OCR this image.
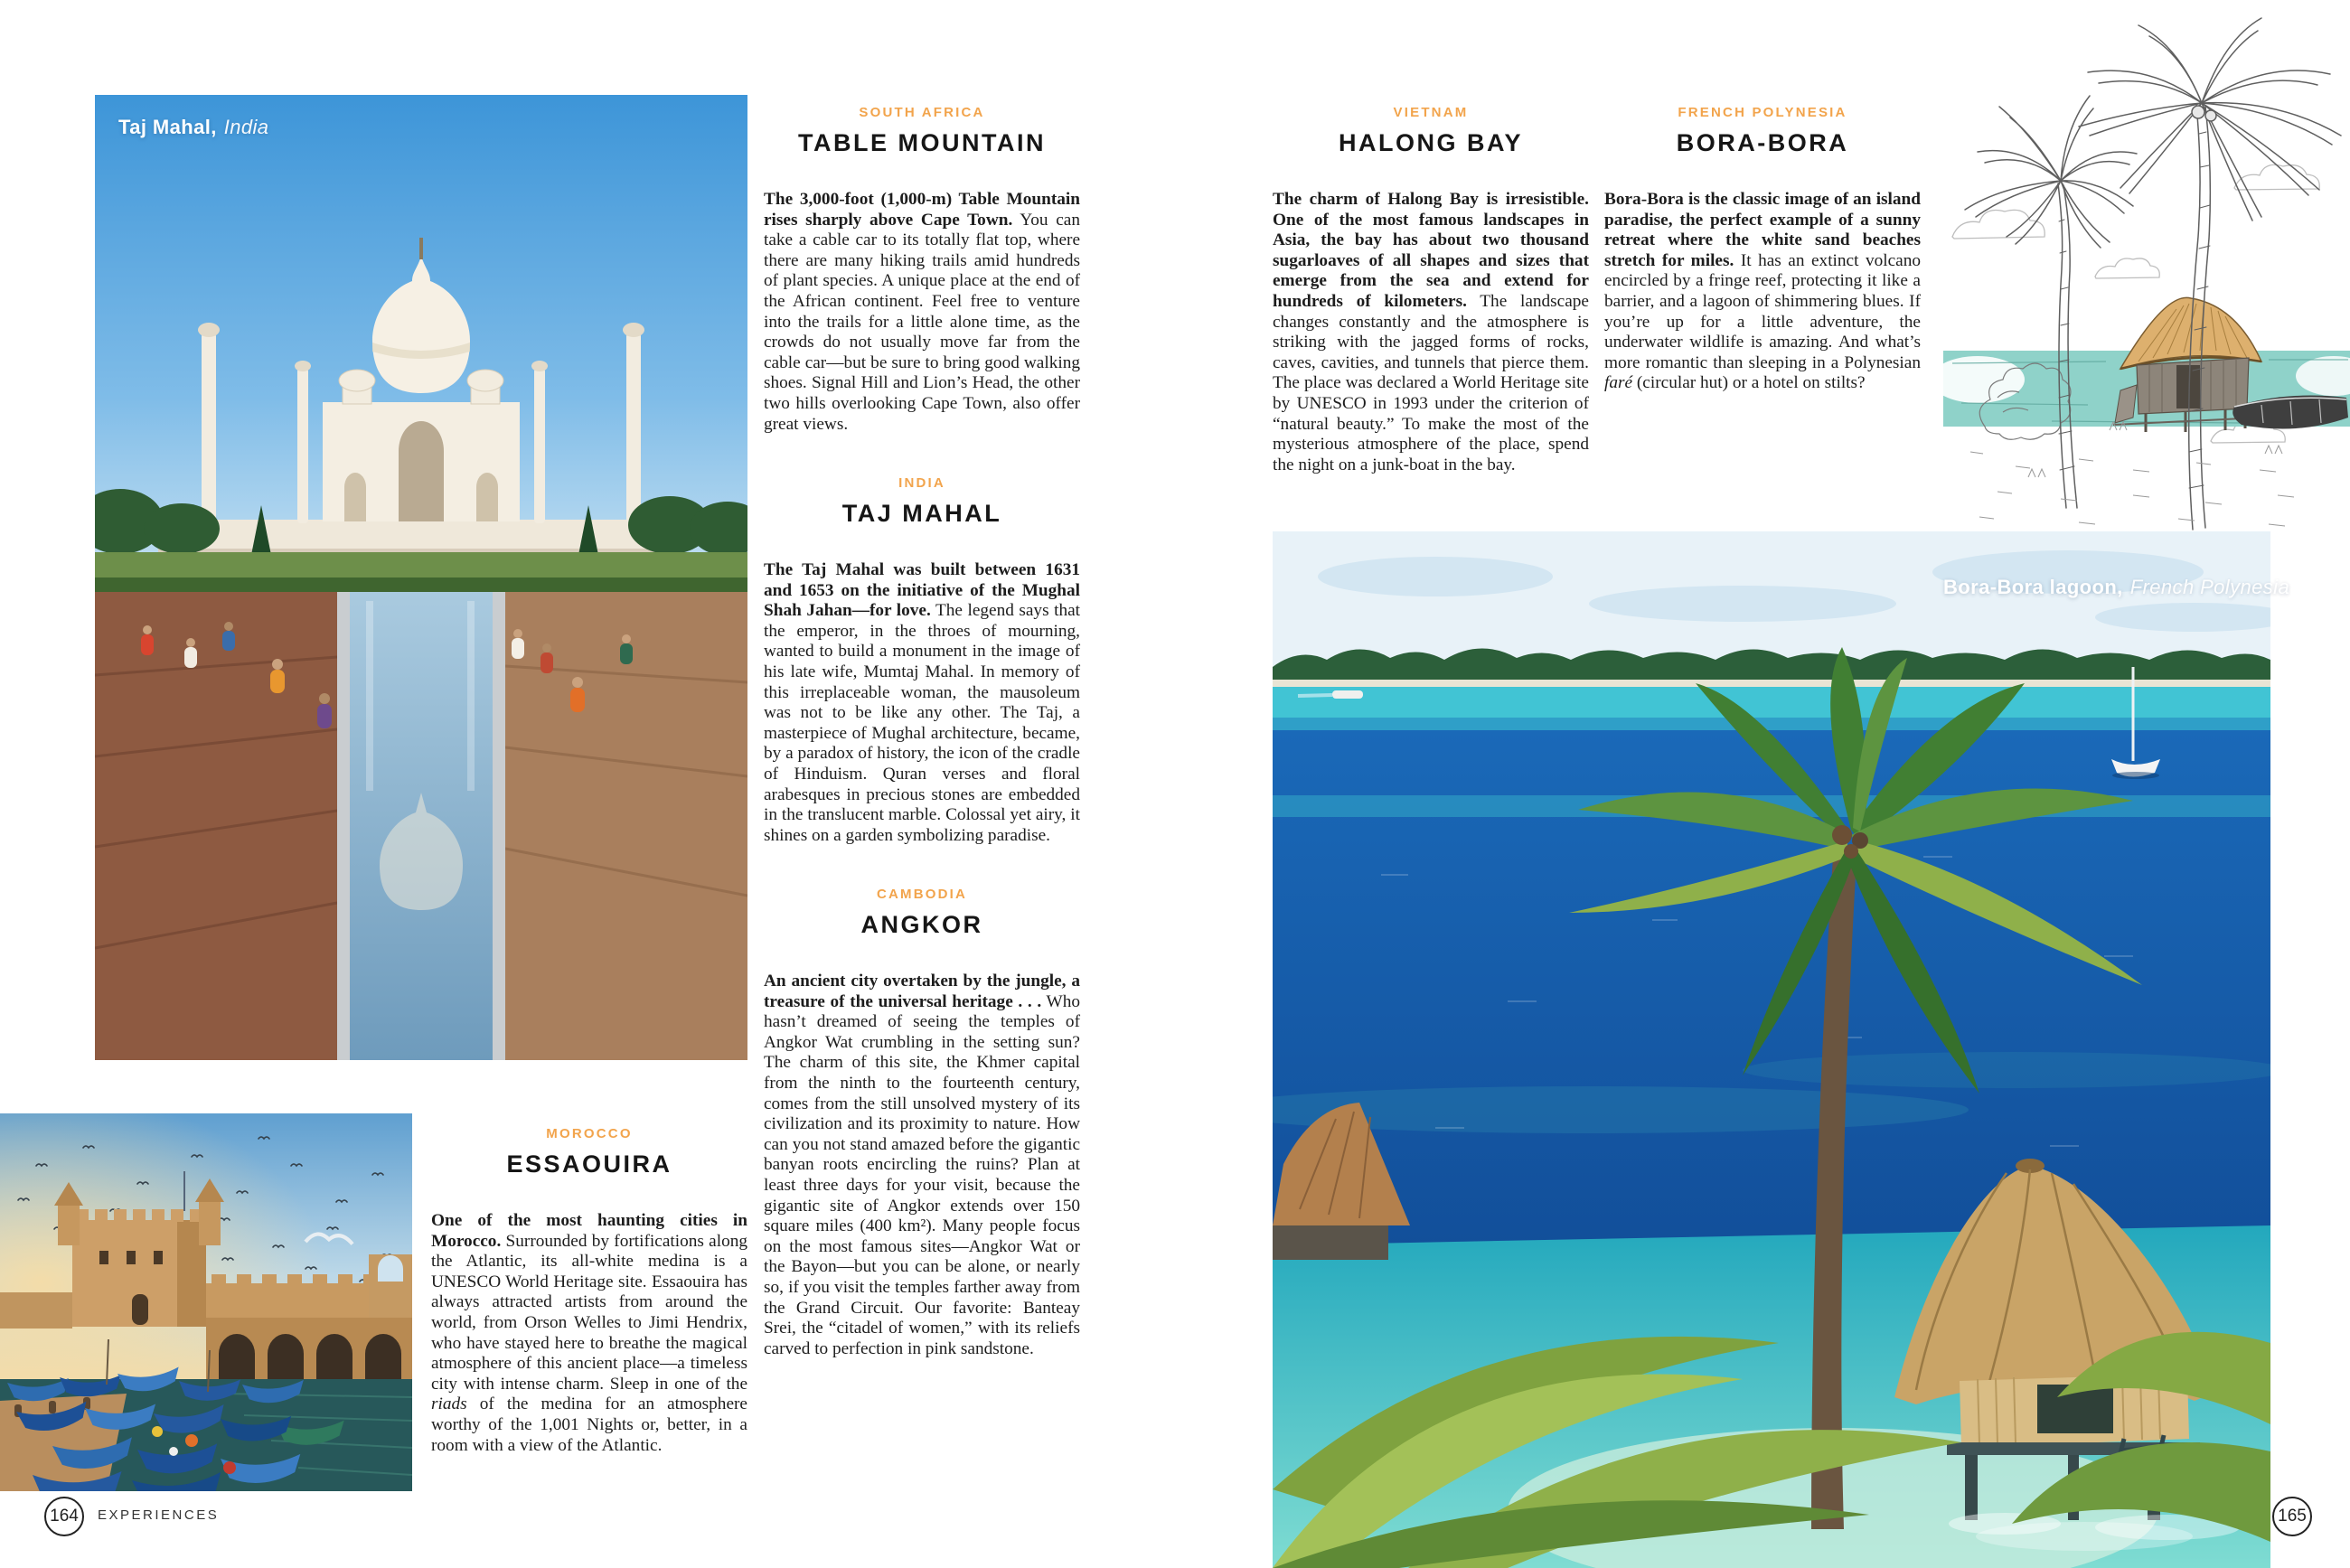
Taj Mahal, India
Bora-Bora lagoon, French Polynesia
SOUTH AFRICA
TABLE MOUNTAIN

The 3,000-foot (1,000-m) Table Mountain rises sharply above Cape Town. You can take a cable car to its totally flat top, where there are many hiking trails amid hundreds of plant species. A unique place at the end of the African continent. Feel free to venture into the trails for a little alone time, as the crowds do not usually move far from the cable car—but be sure to bring good walking shoes. Signal Hill and Lion’s Head, the other two hills overlooking Cape Town, also offer great views.

INDIA
TAJ MAHAL

The Taj Mahal was built between 1631 and 1653 on the initiative of the Mughal Shah Jahan—for love. The legend says that the emperor, in the throes of mourning, wanted to build a monument in the image of his late wife, Mumtaj Mahal. In memory of this irreplaceable woman, the mausoleum was not to be like any other. The Taj, a masterpiece of Mughal architecture, became, by a paradox of history, the icon of the cradle of Hinduism. Quran verses and floral arabesques in precious stones are embedded in the translucent marble. Colossal yet airy, it shines on a garden symbolizing paradise.

CAMBODIA
ANGKOR

An ancient city overtaken by the jungle, a treasure of the universal heritage . . . Who hasn’t dreamed of seeing the temples of Angkor Wat crumbling in the setting sun? The charm of this site, the Khmer capital from the ninth to the fourteenth century, comes from the still unsolved mystery of its civilization and its proximity to nature. How can you not stand amazed before the gigantic banyan roots encircling the ruins? Plan at least three days for your visit, because the gigantic site of Angkor extends over 150 square miles (400 km²). Many people focus on the most famous sites—Angkor Wat or the Bayon—but you can be alone, or nearly so, if you visit the temples farther away from the Grand Circuit. Our favorite: Banteay Srei, the “citadel of women,” with its reliefs carved to perfection in pink sandstone.

MOROCCO
ESSAOUIRA

One of the most haunting cities in Morocco. Surrounded by fortifications along the Atlantic, its all-white medina is a UNESCO World Heritage site. Essaouira has always attracted artists from around the world, from Orson Welles to Jimi Hendrix, who have stayed here to breathe the magical atmosphere of this ancient place—a timeless city with intense charm. Sleep in one of the riads of the medina for an atmosphere worthy of the 1,001 Nights or, better, in a room with a view of the Atlantic.

VIETNAM
HALONG BAY

The charm of Halong Bay is irresistible. One of the most famous landscapes in Asia, the bay has about two thousand sugarloaves of all shapes and sizes that emerge from the sea and extend for hundreds of kilometers. The landscape changes constantly and the atmosphere is striking with the jagged forms of rocks, caves, cavities, and tunnels that pierce them. The place was declared a World Heritage site by UNESCO in 1993 under the criterion of “natural beauty.” To make the most of the mysterious atmosphere of the place, spend the night on a junk-boat in the bay.

FRENCH POLYNESIA
BORA-BORA

Bora-Bora is the classic image of an island paradise, the perfect example of a sunny retreat where the white sand beaches stretch for miles. It has an extinct volcano encircled by a fringe reef, protecting it like a barrier, and a lagoon of shimmering blues. If you’re up for a little adventure, the underwater wildlife is amazing. And what’s more romantic than sleeping in a Polynesian faré (circular hut) or a hotel on stilts?

164	EXPERIENCES	165
